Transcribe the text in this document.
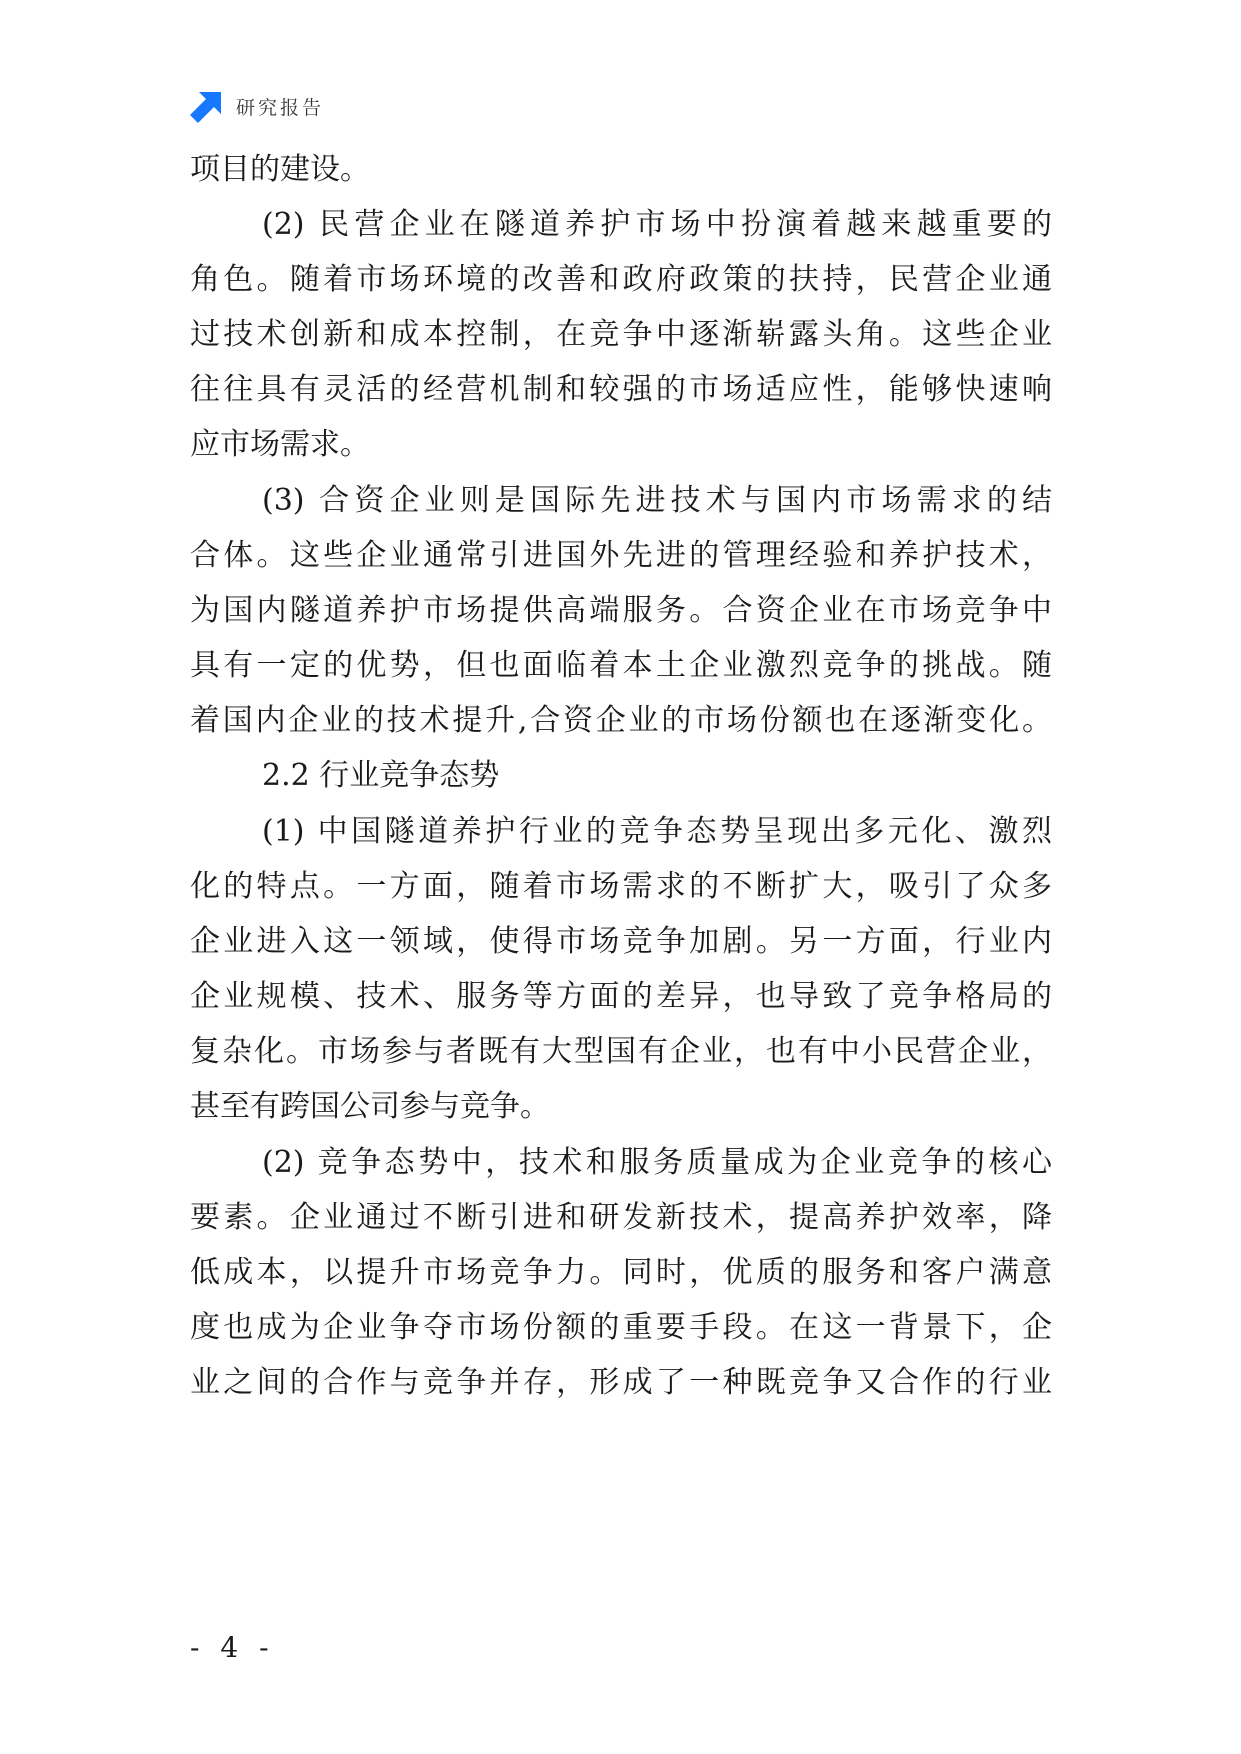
研究报告
项目的建设。
(2) 民营企业在隧道养护市场中扮演着越来越重要的
角色。随着市场环境的改善和政府政策的扶持，民营企业通
过技术创新和成本控制，在竞争中逐渐崭露头角。这些企业
往往具有灵活的经营机制和较强的市场适应性，能够快速响
应市场需求。
(3) 合资企业则是国际先进技术与国内市场需求的结
合体。这些企业通常引进国外先进的管理经验和养护技术，
为国内隧道养护市场提供高端服务。合资企业在市场竞争中
具有一定的优势，但也面临着本土企业激烈竞争的挑战。随
着国内企业的技术提升,合资企业的市场份额也在逐渐变化。
2.2 行业竞争态势
(1) 中国隧道养护行业的竞争态势呈现出多元化、激烈
化的特点。一方面，随着市场需求的不断扩大，吸引了众多
企业进入这一领域，使得市场竞争加剧。另一方面，行业内
企业规模、技术、服务等方面的差异，也导致了竞争格局的
复杂化。市场参与者既有大型国有企业，也有中小民营企业，
甚至有跨国公司参与竞争。
(2) 竞争态势中，技术和服务质量成为企业竞争的核心
要素。企业通过不断引进和研发新技术，提高养护效率，降
低成本，以提升市场竞争力。同时，优质的服务和客户满意
度也成为企业争夺市场份额的重要手段。在这一背景下，企
业之间的合作与竞争并存，形成了一种既竞争又合作的行业
- 4 -
